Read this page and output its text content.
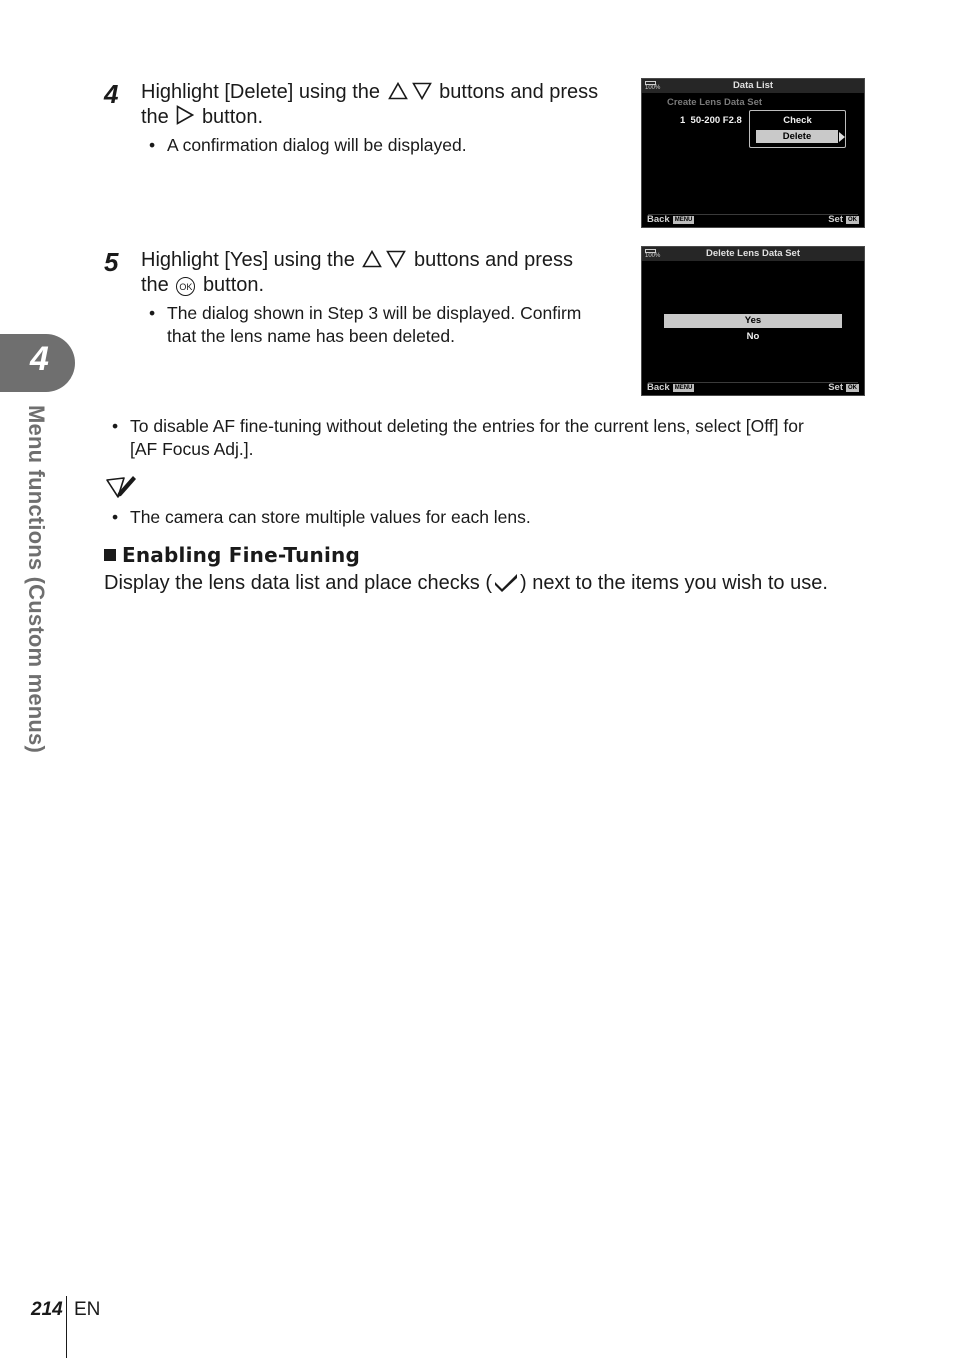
4
Menu functions (Custom menus)
4 Highlight [Delete] using the	buttons and press
the button.
• A confirmation dialog will be displayed.
100%	Data List
Create Lens Data Set
1  50-200 F2.8	Check
Delete
Back MENU	Set OK
5 Highlight [Yes] using the	buttons and press
the OK button.
• The dialog shown in Step 3 will be displayed. Confirm
that the lens name has been deleted.
100%	Delete Lens Data Set
Yes
No
Back MENU	Set OK
• To disable AF fine-tuning without deleting the entries for the current lens, select [Off] for
[AF Focus Adj.].
• The camera can store multiple values for each lens.
Enabling Fine-Tuning
Display the lens data list and place checks ( ) next to the items you wish to use.
214 EN
